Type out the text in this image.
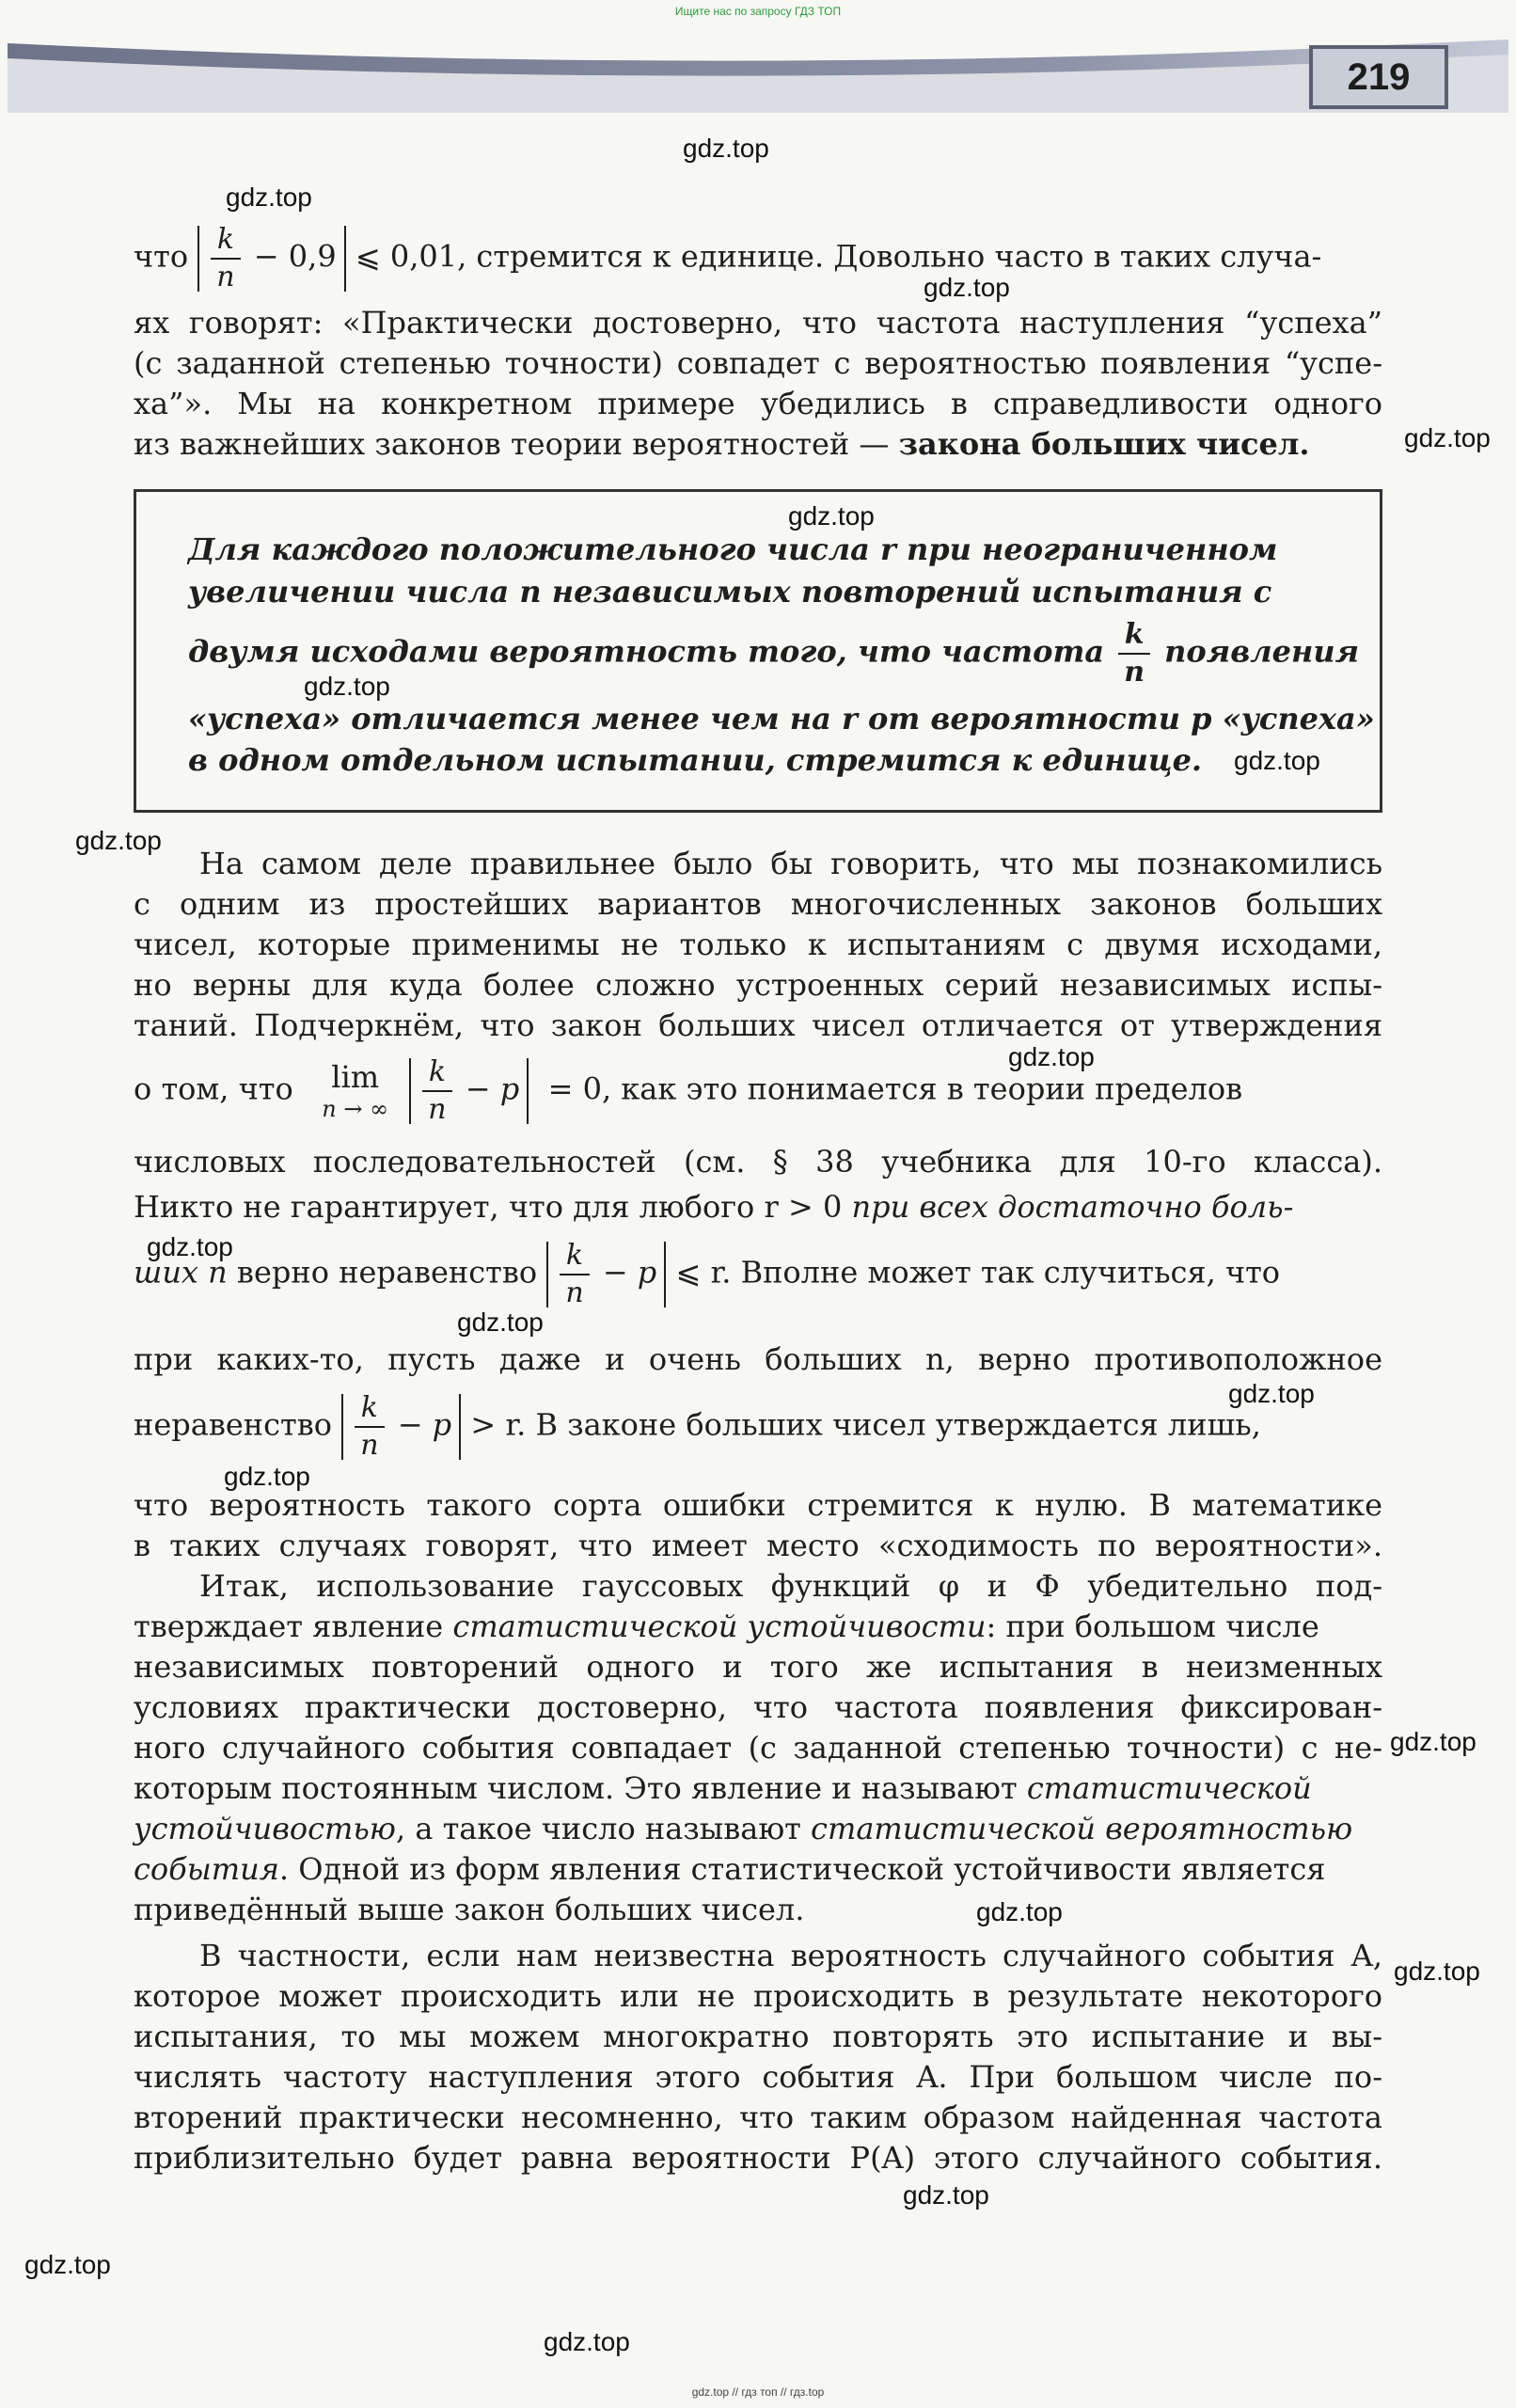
Ищите нас по запросу ГДЗ ТОП
219
что $\frac{k}{n} - 0,9$ ⩽ 0,01, стремится к единице. Довольно часто в таких случа-
ях говорят: «Практически достоверно, что частота наступления “успеха”
(с заданной степенью точности) совпадет с вероятностью появления “успе-
ха”». Мы на конкретном примере убедились в справедливости одного
из важнейших законов теории вероятностей — закона больших чисел.
Для каждого положительного числа r при неограниченном
увеличении числа n независимых повторений испытания с
двумя исходами вероятность того, что частота $\frac{k}{n}$ появления
«успеха» отличается менее чем на r от вероятности p «успеха»
в одном отдельном испытании, стремится к единице.
На самом деле правильнее было бы говорить, что мы познакомились
с одним из простейших вариантов многочисленных законов больших
чисел, которые применимы не только к испытаниям с двумя исходами,
но верны для куда более сложно устроенных серий независимых испы-
таний. Подчеркнём, что закон больших чисел отличается от утверждения
о том, что	lim
n → ∞
$\frac{k}{n} - p = 0$, как это понимается в теории пределов
числовых последовательностей (см. § 38 учебника для 10-го класса).
Никто не гарантирует, что для любого r > 0 при всех достаточно боль-
ших n верно неравенство $\frac{k}{n} - p$ ⩽ r. Вполне может так случиться, что
при каких-то, пусть даже и очень больших n, верно противоположное
неравенство $\frac{k}{n} - p > r$. В законе больших чисел утверждается лишь,
что вероятность такого сорта ошибки стремится к нулю. В математике
в таких случаях говорят, что имеет место «сходимость по вероятности».
Итак, использование гауссовых функций φ и Φ убедительно под-
тверждает явление статистической устойчивости: при большом числе
независимых повторений одного и того же испытания в неизменных
условиях практически достоверно, что частота появления фиксирован-
ного случайного события совпадает (с заданной степенью точности) с не-
которым постоянным числом. Это явление и называют статистической
устойчивостью, а такое число называют статистической вероятностью
события. Одной из форм явления статистической устойчивости является
приведённый выше закон больших чисел.
В частности, если нам неизвестна вероятность случайного события A,
которое может происходить или не происходить в результате некоторого
испытания, то мы можем многократно повторять это испытание и вы-
числять частоту наступления этого события A. При большом числе по-
вторений практически несомненно, что таким образом найденная частота
приблизительно будет равна вероятности P(A) этого случайного события.
gdz.top
gdz.top
gdz.top
gdz.top
gdz.top
gdz.top
gdz.top
gdz.top
gdz.top
gdz.top
gdz.top
gdz.top
gdz.top
gdz.top
gdz.top
gdz.top
gdz.top
gdz.top
gdz.top
gdz.top // гдз топ // гдз.top
